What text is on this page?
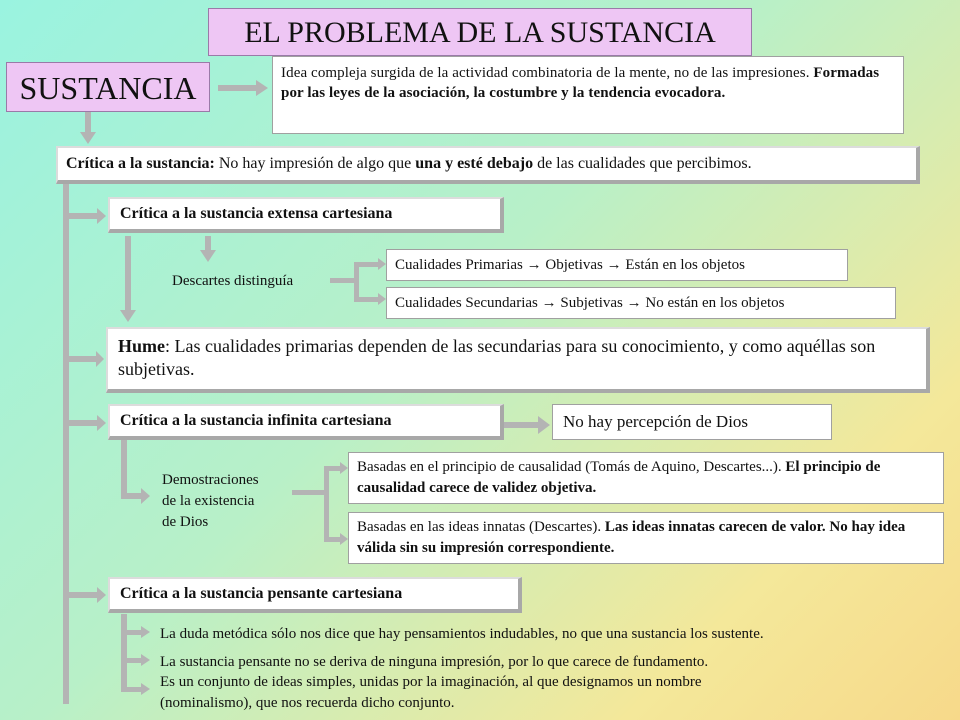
EL PROBLEMA DE LA SUSTANCIA
SUSTANCIA	Idea compleja surgida de la actividad combinatoria de la mente, no de las impresiones. Formadas por las leyes de la asociación, la costumbre y la tendencia evocadora.
Crítica a la sustancia: No hay impresión de algo que una y esté debajo de las cualidades que percibimos.
Crítica a la sustancia extensa cartesiana
Descartes distinguía
Cualidades Primarias → Objetivas → Están en los objetos
Cualidades Secundarias → Subjetivas → No están en los objetos
Hume: Las cualidades primarias dependen de las secundarias para su conocimiento, y como aquéllas son subjetivas.
Crítica a la sustancia infinita cartesiana	No hay percepción de Dios
Demostraciones
de la existencia
de Dios
Basadas en el principio de causalidad (Tomás de Aquino, Descartes...). El principio de causalidad carece de validez objetiva.
Basadas en las ideas innatas (Descartes). Las ideas innatas carecen de valor. No hay idea válida sin su impresión correspondiente.
Crítica a la sustancia pensante cartesiana
La duda metódica sólo nos dice que hay pensamientos indudables, no que una sustancia los sustente.
La sustancia pensante no se deriva de ninguna impresión, por lo que carece de fundamento.
Es un conjunto de ideas simples, unidas por la imaginación, al que designamos un nombre
(nominalismo), que nos recuerda dicho conjunto.
